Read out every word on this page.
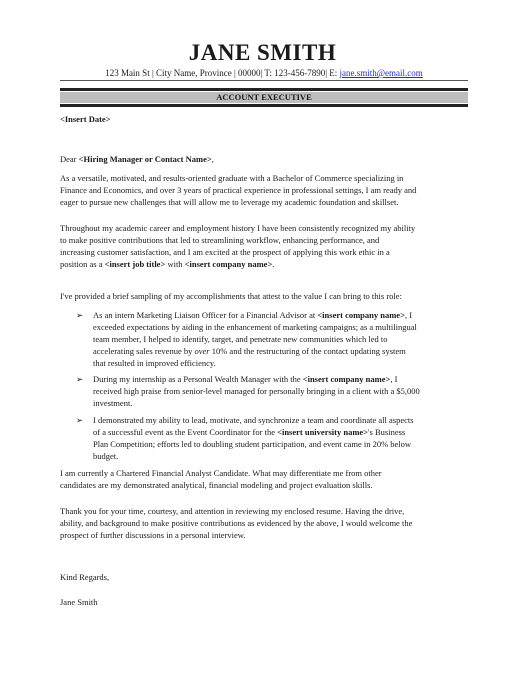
JANE SMITH
123 Main St | City Name, Province | 00000| T: 123-456-7890| E: jane.smith@email.com
ACCOUNT EXECUTIVE
<Insert Date>
Dear <Hiring Manager or Contact Name>,
As a versatile, motivated, and results-oriented graduate with a Bachelor of Commerce specializing in
Finance and Economics, and over 3 years of practical experience in professional settings, I am ready and
eager to pursue new challenges that will allow me to leverage my academic foundation and skillset.
Throughout my academic career and employment history I have been consistently recognized my ability
to make positive contributions that led to streamlining workflow, enhancing performance, and
increasing customer satisfaction, and I am excited at the prospect of applying this work ethic in a
position as a <insert job title> with <insert company name>.
I've provided a brief sampling of my accomplishments that attest to the value I can bring to this role:
➢ As an intern Marketing Liaison Officer for a Financial Advisor at <insert company name>, I
exceeded expectations by aiding in the enhancement of marketing campaigns; as a multilingual
team member, I helped to identify, target, and penetrate new communities which led to
accelerating sales revenue by over 10% and the restructuring of the contact updating system
that resulted in improved efficiency.
➢ During my internship as a Personal Wealth Manager with the <insert company name>, I
received high praise from senior-level managed for personally bringing in a client with a $5,000
investment.
➢ I demonstrated my ability to lead, motivate, and synchronize a team and coordinate all aspects
of a successful event as the Event Coordinator for the <insert university name>'s Business
Plan Competition; efforts led to doubling student participation, and event came in 20% below
budget.
I am currently a Chartered Financial Analyst Candidate. What may differentiate me from other
candidates are my demonstrated analytical, financial modeling and project evaluation skills.
Thank you for your time, courtesy, and attention in reviewing my enclosed resume. Having the drive,
ability, and background to make positive contributions as evidenced by the above, I would welcome the
prospect of further discussions in a personal interview.
Kind Regards,
Jane Smith
